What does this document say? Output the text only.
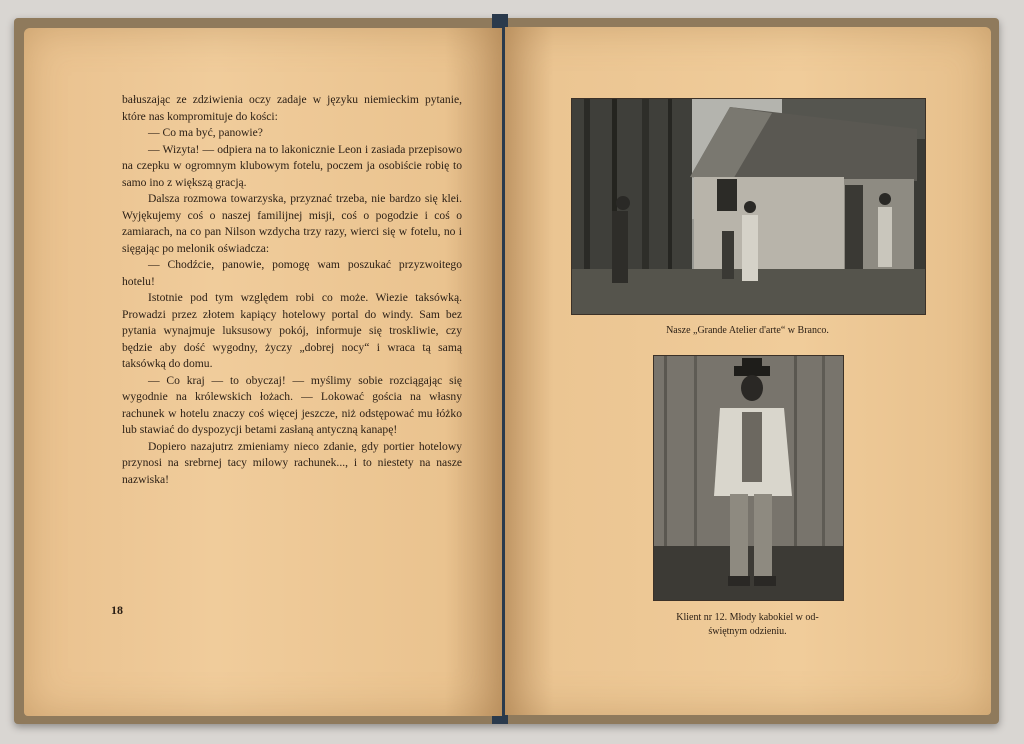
bałuszając ze zdziwienia oczy zadaje w języku niemieckim pytanie, które nas kompromituje do kości:

— Co ma być, panowie?

— Wizyta! — odpiera na to lakonicznie Leon i zasiada przepisowo na czepku w ogromnym klubowym fotelu, poczem ja osobiście robię to samo ino z większą gracją.

Dalsza rozmowa towarzyska, przyznać trzeba, nie bardzo się klei. Wyjękujemy coś o naszej familijnej misji, coś o pogodzie i coś o zamiarach, na co pan Nilson wzdycha trzy razy, wierci się w fotelu, no i sięgając po melonik oświadcza:

— Chodźcie, panowie, pomogę wam poszukać przyzwoitego hotelu!

Istotnie pod tym względem robi co może. Wiezie taksówką. Prowadzi przez złotem kapiący hotelowy portal do windy. Sam bez pytania wynajmuje luksusowy pokój, informuje się troskliwie, czy będzie aby dość wygodny, życzy „dobrej nocy“ i wraca tą samą taksówką do domu.

— Co kraj — to obyczaj! — myślimy sobie rozciągając się wygodnie na królewskich łożach. — Lokować gościa na własny rachunek w hotelu znaczy coś więcej jeszcze, niż odstępować mu łóżko lub stawiać do dyspozycji betami zasłaną antyczną kanapę!

Dopiero nazajutrz zmieniamy nieco zdanie, gdy portier hotelowy przynosi na srebrnej tacy milowy rachunek..., i to niestety na nasze nazwiska!

18
Nasze „Grande Atelier d'arte“ w Branco.
Klient nr 12. Młody kabokiel w od-
świętnym odzieniu.
